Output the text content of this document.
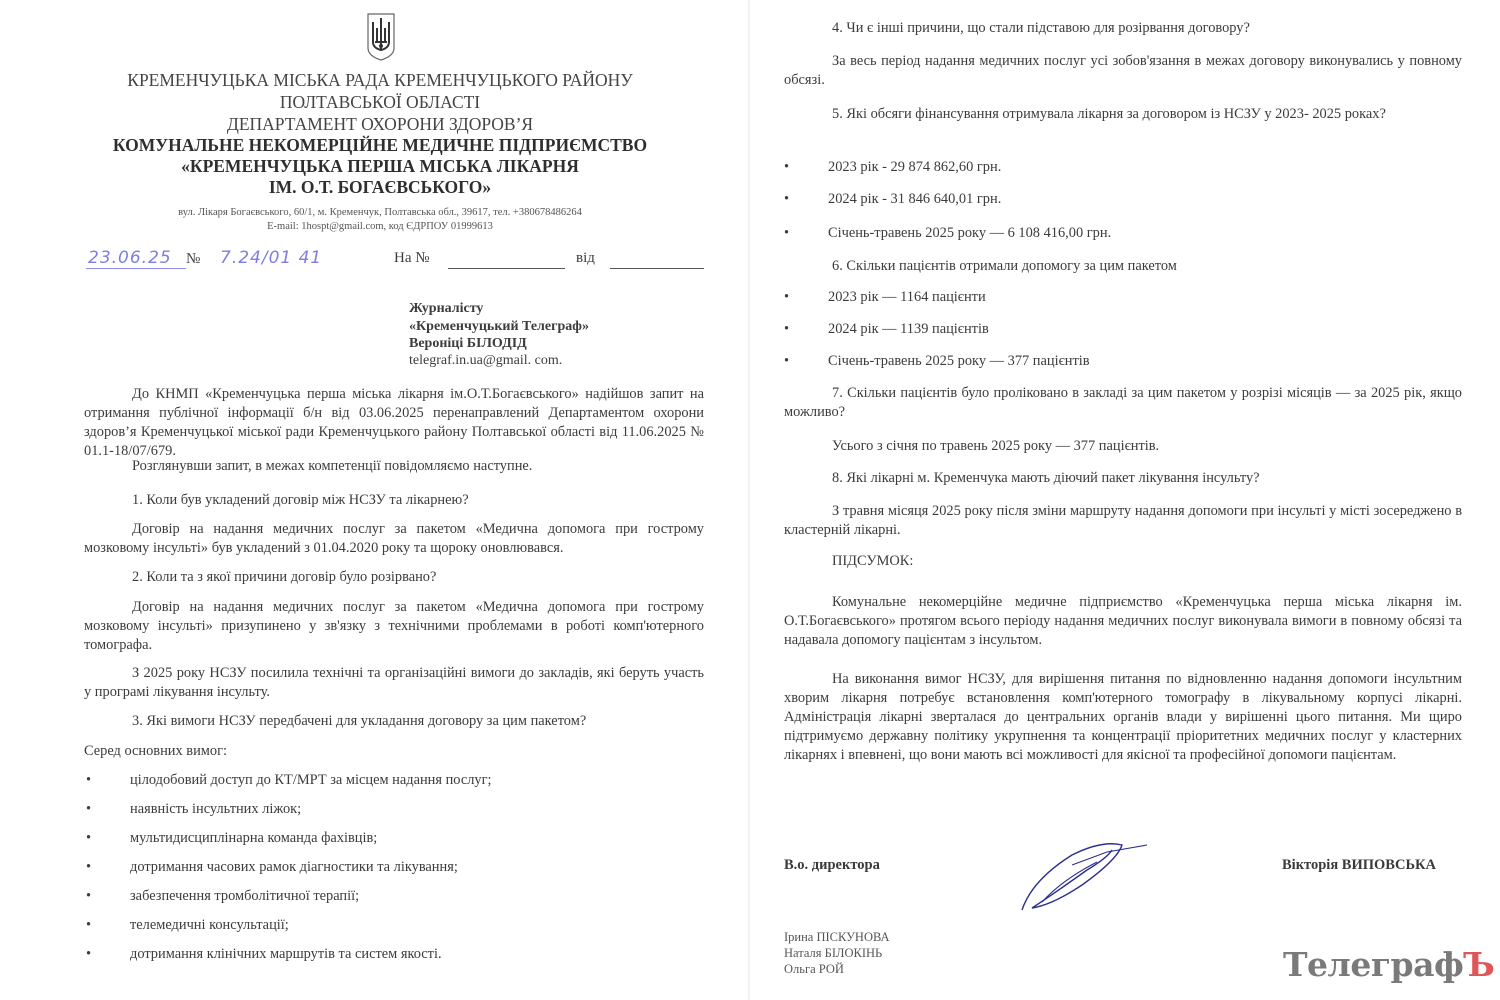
КРЕМЕНЧУЦЬКА МІСЬКА РАДА КРЕМЕНЧУЦЬКОГО РАЙОНУ
ПОЛТАВСЬКОЇ ОБЛАСТІ
ДЕПАРТАМЕНТ ОХОРОНИ ЗДОРОВ’Я
КОМУНАЛЬНЕ НЕКОМЕРЦІЙНЕ МЕДИЧНЕ ПІДПРИЄМСТВО
«КРЕМЕНЧУЦЬКА ПЕРША МІСЬКА ЛІКАРНЯ
ІМ. О.Т. БОГАЄВСЬКОГО»
вул. Лікаря Богаєвського, 60/1, м. Кременчук, Полтавська обл., 39617, тел. +380678486264
E-mail: 1hospt@gmail.com, код ЄДРПОУ 01999613
23.06.25 № 7.24/01 41	На №	від
Журналісту
«Кременчуцький Телеграф»
Вероніці БІЛОДІД
telegraf.in.ua@gmail. com.
До КНМП «Кременчуцька перша міська лікарня ім.О.Т.Богаєвського» надійшов запит на отримання публічної інформації б/н від 03.06.2025 перенаправлений Департаментом охорони здоров’я Кременчуцької міської ради Кременчуцького району Полтавської області від 11.06.2025 № 01.1-18/07/679.
Розглянувши запит, в межах компетенції повідомляємо наступне.
1. Коли був укладений договір між НСЗУ та лікарнею?
Договір на надання медичних послуг за пакетом «Медична допомога при гострому мозковому інсульті» був укладений з 01.04.2020 року та щороку оновлювався.
2. Коли та з якої причини договір було розірвано?
Договір на надання медичних послуг за пакетом «Медична допомога при гострому мозковому інсульті» призупинено у зв'язку з технічними проблемами в роботі комп'ютерного томографа.
З 2025 року НСЗУ посилила технічні та організаційні вимоги до закладів, які беруть участь у програмі лікування інсульту.
3. Які вимоги НСЗУ передбачені для укладання договору за цим пакетом?
Серед основних вимог:
•	цілодобовий доступ до КТ/МРТ за місцем надання послуг;
•	наявність інсультних ліжок;
•	мультидисциплінарна команда фахівців;
•	дотримання часових рамок діагностики та лікування;
•	забезпечення тромболітичної терапії;
•	телемедичні консультації;
•	дотримання клінічних маршрутів та систем якості.
4. Чи є інші причини, що стали підставою для розірвання договору?
За весь період надання медичних послуг усі зобов'язання в межах договору виконувались у повному обсязі.
5. Які обсяги фінансування отримувала лікарня за договором із НСЗУ у 2023- 2025 роках?
•	2023 рік - 29 874 862,60 грн.
•	2024 рік - 31 846 640,01 грн.
•	Січень-травень 2025 року — 6 108 416,00 грн.
6. Скільки пацієнтів отримали допомогу за цим пакетом
•	2023 рік — 1164 пацієнти
•	2024 рік — 1139 пацієнтів
•	Січень-травень 2025 року — 377 пацієнтів
7. Скільки пацієнтів було проліковано в закладі за цим пакетом у розрізі місяців — за 2025 рік, якщо можливо?
Усього з січня по травень 2025 року — 377 пацієнтів.
8. Які лікарні м. Кременчука мають діючий пакет лікування інсульту?
З травня місяця 2025 року після зміни маршруту надання допомоги при інсульті у місті зосереджено в кластерній лікарні.
ПІДСУМОК:
Комунальне некомерційне медичне підприємство «Кременчуцька перша міська лікарня ім. О.Т.Богаєвського» протягом всього періоду надання медичних послуг виконувала вимоги в повному обсязі та надавала допомогу пацієнтам з інсультом.
На виконання вимог НСЗУ, для вирішення питання по відновленню надання допомоги інсультним хворим лікарня потребує встановлення комп'ютерного томографу в лікувальному корпусі лікарні. Адміністрація лікарні зверталася до центральних органів влади у вирішенні цього питання. Ми щиро підтримуємо державну політику укрупнення та концентрації пріоритетних медичних послуг у кластерних лікарнях і впевнені, що вони мають всі можливості для якісної та професійної допомоги пацієнтам.
В.о. директора	Вікторія ВИПОВСЬКА
Ірина ПІСКУНОВА
Наталя БІЛОКІНЬ
Ольга РОЙ	ТелеграфЪ
